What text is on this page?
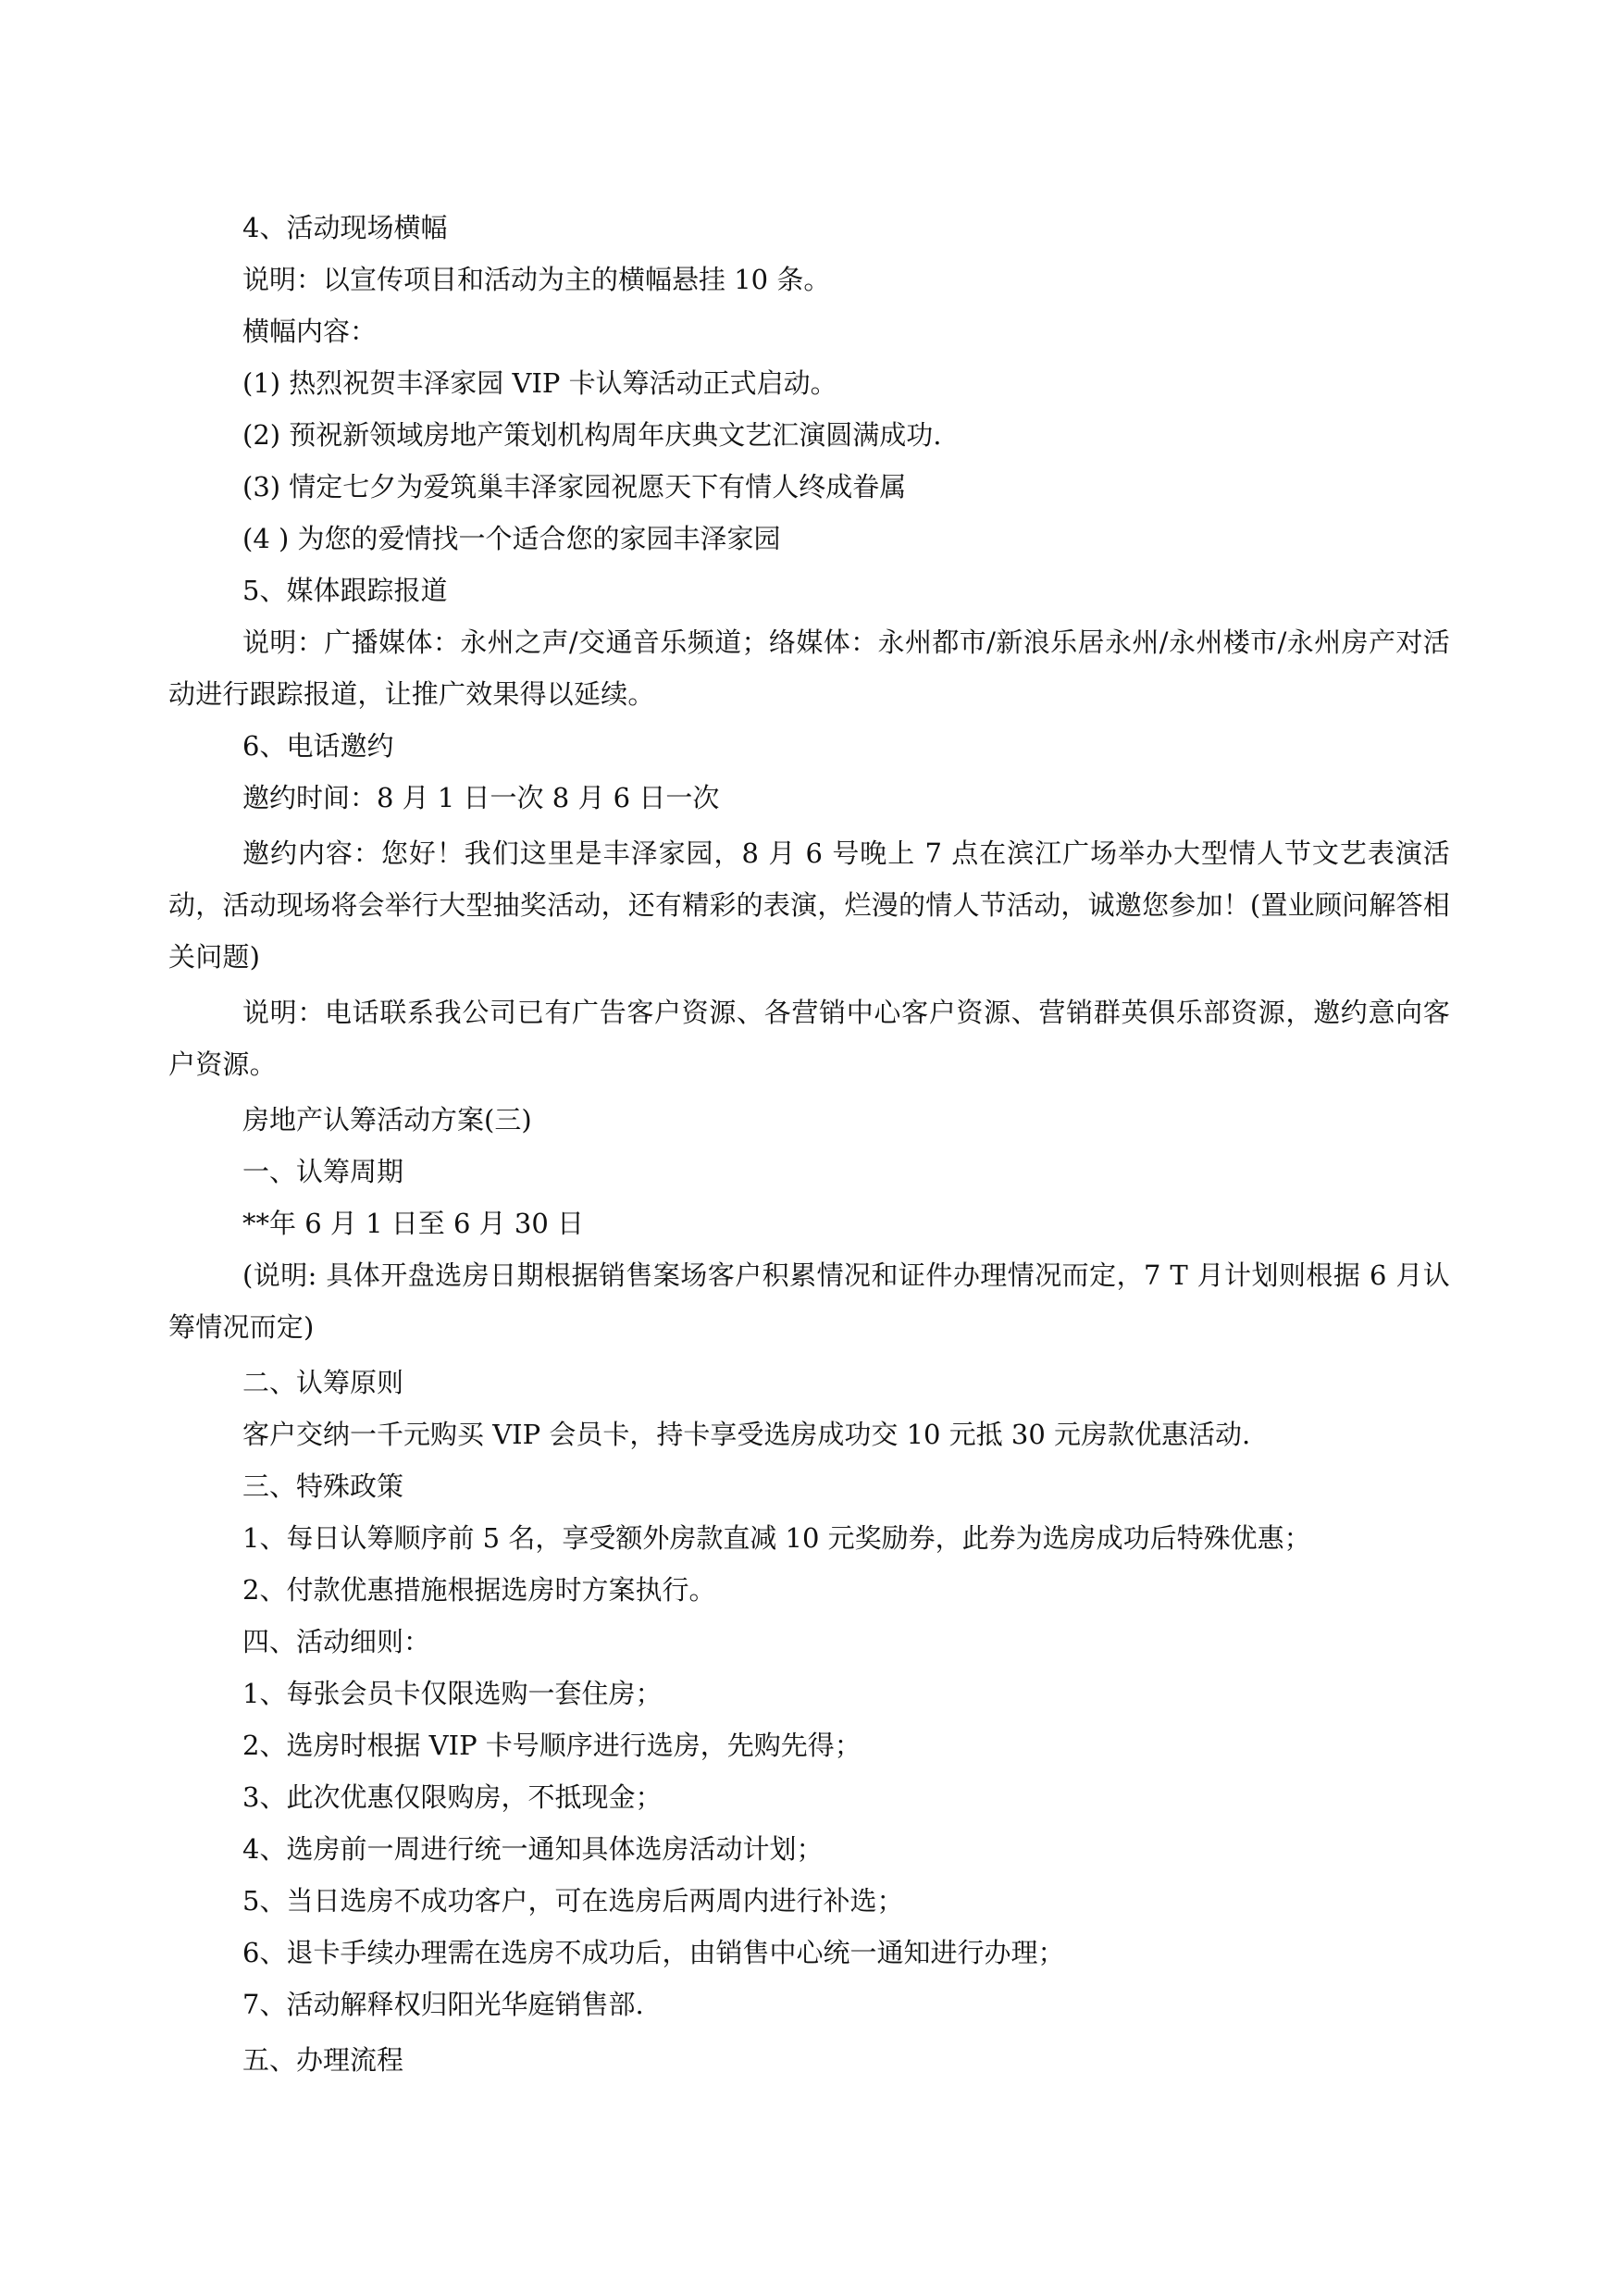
4、活动现场横幅

说明：以宣传项目和活动为主的横幅悬挂 10 条。

横幅内容：

(1) 热烈祝贺丰泽家园 VIP 卡认筹活动正式启动。

(2) 预祝新领域房地产策划机构周年庆典文艺汇演圆满成功.

(3) 情定七夕为爱筑巢丰泽家园祝愿天下有情人终成眷属

(4 ) 为您的爱情找一个适合您的家园丰泽家园

5、媒体跟踪报道

说明：广播媒体：永州之声/交通音乐频道；络媒体：永州都市/新浪乐居永州/永州楼市/永州房产对活动进行跟踪报道，让推广效果得以延续。

6、电话邀约

邀约时间：8 月 1 日一次 8 月 6 日一次

邀约内容：您好！我们这里是丰泽家园，8 月 6 号晚上 7 点在滨江广场举办大型情人节文艺表演活动，活动现场将会举行大型抽奖活动，还有精彩的表演，烂漫的情人节活动，诚邀您参加！(置业顾问解答相关问题)

说明：电话联系我公司已有广告客户资源、各营销中心客户资源、营销群英俱乐部资源，邀约意向客户资源。

房地产认筹活动方案(三)

一、认筹周期

**年 6 月 1 日至 6 月 30 日

(说明: 具体开盘选房日期根据销售案场客户积累情况和证件办理情况而定，7 T 月计划则根据 6 月认筹情况而定)

二、认筹原则

客户交纳一千元购买 VIP 会员卡，持卡享受选房成功交 10 元抵 30 元房款优惠活动.

三、特殊政策

1、每日认筹顺序前 5 名，享受额外房款直减 10 元奖励券，此券为选房成功后特殊优惠；

2、付款优惠措施根据选房时方案执行。

四、活动细则：

1、每张会员卡仅限选购一套住房；

2、选房时根据 VIP 卡号顺序进行选房，先购先得；

3、此次优惠仅限购房，不抵现金；

4、选房前一周进行统一通知具体选房活动计划；

5、当日选房不成功客户，可在选房后两周内进行补选；

6、退卡手续办理需在选房不成功后，由销售中心统一通知进行办理；

7、活动解释权归阳光华庭销售部.

五、办理流程
